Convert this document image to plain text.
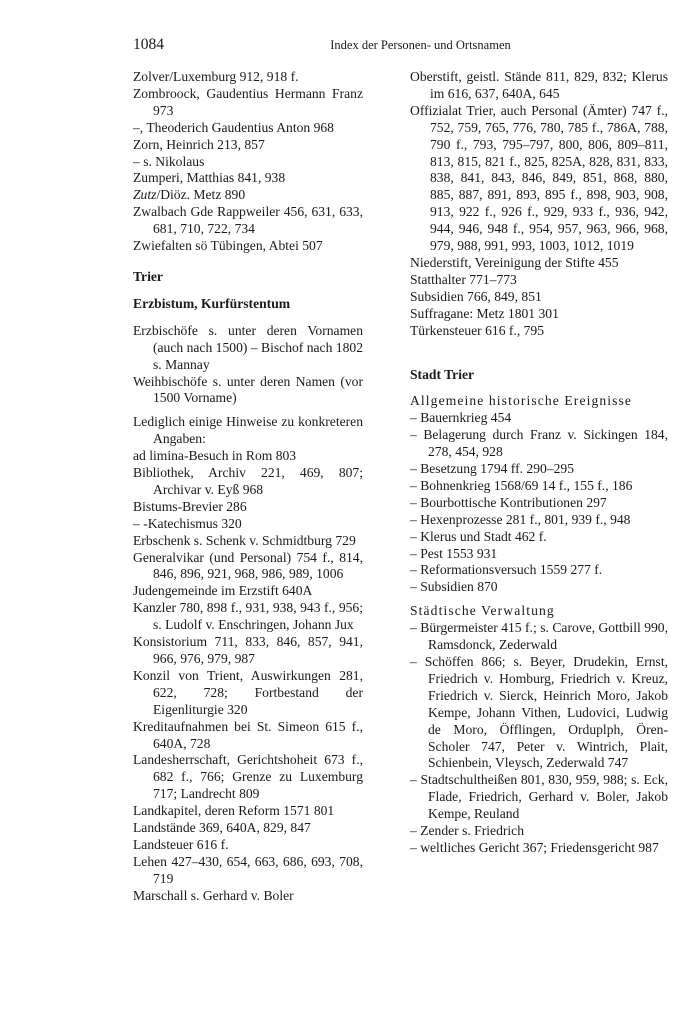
1084	Index der Personen- und Ortsnamen

Zolver/Luxemburg 912, 918 f.

Zombroock, Gaudentius Hermann Franz 973

–, Theoderich Gaudentius Anton 968

Zorn, Heinrich 213, 857

– s. Nikolaus

Zumperi, Matthias 841, 938

Zutz/Diöz. Metz 890

Zwalbach Gde Rappweiler 456, 631, 633, 681, 710, 722, 734

Zwiefalten sö Tübingen, Abtei 507

Trier

Erzbistum, Kurfürstentum

Erzbischöfe s. unter deren Vornamen (auch nach 1500) – Bischof nach 1802 s. Mannay

Weihbischöfe s. unter deren Namen (vor 1500 Vorname)

Lediglich einige Hinweise zu konkreteren Angaben:

ad limina-Besuch in Rom 803

Bibliothek, Archiv 221, 469, 807; Archivar v. Eyß 968

Bistums-Brevier 286

– -Katechismus 320

Erbschenk s. Schenk v. Schmidtburg 729

Generalvikar (und Personal) 754 f., 814, 846, 896, 921, 968, 986, 989, 1006

Judengemeinde im Erzstift 640A

Kanzler 780, 898 f., 931, 938, 943 f., 956; s. Ludolf v. Enschringen, Johann Jux

Konsistorium 711, 833, 846, 857, 941, 966, 976, 979, 987

Konzil von Trient, Auswirkungen 281, 622, 728; Fortbestand der Eigenliturgie 320

Kreditaufnahmen bei St. Simeon 615 f., 640A, 728

Landesherrschaft, Gerichtshoheit 673 f., 682 f., 766; Grenze zu Luxemburg 717; Landrecht 809

Landkapitel, deren Reform 1571 801

Landstände 369, 640A, 829, 847

Landsteuer 616 f.

Lehen 427–430, 654, 663, 686, 693, 708, 719

Marschall s. Gerhard v. Boler

Oberstift, geistl. Stände 811, 829, 832; Klerus im 616, 637, 640A, 645

Offizialat Trier, auch Personal (Ämter) 747 f., 752, 759, 765, 776, 780, 785 f., 786A, 788, 790 f., 793, 795–797, 800, 806, 809–811, 813, 815, 821 f., 825, 825A, 828, 831, 833, 838, 841, 843, 846, 849, 851, 868, 880, 885, 887, 891, 893, 895 f., 898, 903, 908, 913, 922 f., 926 f., 929, 933 f., 936, 942, 944, 946, 948 f., 954, 957, 963, 966, 968, 979, 988, 991, 993, 1003, 1012, 1019

Niederstift, Vereinigung der Stifte 455

Statthalter 771–773

Subsidien 766, 849, 851

Suffragane: Metz 1801 301

Türkensteuer 616 f., 795

Stadt Trier

Allgemeine historische Ereignisse

– Bauernkrieg 454

– Belagerung durch Franz v. Sickingen 184, 278, 454, 928

– Besetzung 1794 ff. 290–295

– Bohnenkrieg 1568/69 14 f., 155 f., 186

– Bourbottische Kontributionen 297

– Hexenprozesse 281 f., 801, 939 f., 948

– Klerus und Stadt 462 f.

– Pest 1553 931

– Reformationsversuch 1559 277 f.

– Subsidien 870

Städtische Verwaltung

– Bürgermeister 415 f.; s. Carove, Gottbill 990, Ramsdonck, Zederwald

– Schöffen 866; s. Beyer, Drudekin, Ernst, Friedrich v. Homburg, Friedrich v. Kreuz, Friedrich v. Sierck, Heinrich Moro, Jakob Kempe, Johann Vithen, Ludovici, Ludwig de Moro, Öfflingen, Orduplph, Ören-Scholer 747, Peter v. Wintrich, Plait, Schienbein, Vleysch, Zederwald 747

– Stadtschultheißen 801, 830, 959, 988; s. Eck, Flade, Friedrich, Gerhard v. Boler, Jakob Kempe, Reuland

– Zender s. Friedrich

– weltliches Gericht 367; Friedensgericht 987
